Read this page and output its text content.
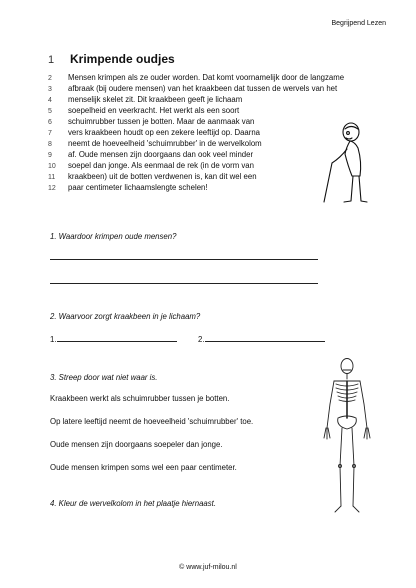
Begrijpend Lezen
1	Krimpende oudjes
2	Mensen krimpen als ze ouder worden. Dat komt voornamelijk door de langzame
3	afbraak (bij oudere mensen) van het kraakbeen dat tussen de wervels van het
4	menselijk skelet zit. Dit kraakbeen geeft je lichaam
5	soepelheid en veerkracht. Het werkt als een soort
6	schuimrubber tussen je botten. Maar de aanmaak van
7	vers kraakbeen houdt op een zekere leeftijd op. Daarna
8	neemt de hoeveelheid 'schuimrubber' in de wervelkolom
9	af. Oude mensen zijn doorgaans dan ook veel minder
10	soepel dan jonge. Als eenmaal de rek (in de vorm van
11	kraakbeen) uit de botten verdwenen is, kan dit wel een
12	paar centimeter lichaamslengte schelen!
1. Waardoor krimpen oude mensen?
2. Waarvoor zorgt kraakbeen in je lichaam?
1.	2.
3. Streep door wat niet waar is.
Kraakbeen werkt als schuimrubber tussen je botten.
Op latere leeftijd neemt de hoeveelheid 'schuimrubber' toe.
Oude mensen zijn doorgaans soepeler dan jonge.
Oude mensen krimpen soms wel een paar centimeter.
4. Kleur de wervelkolom in het plaatje hiernaast.
© www.juf-milou.nl
